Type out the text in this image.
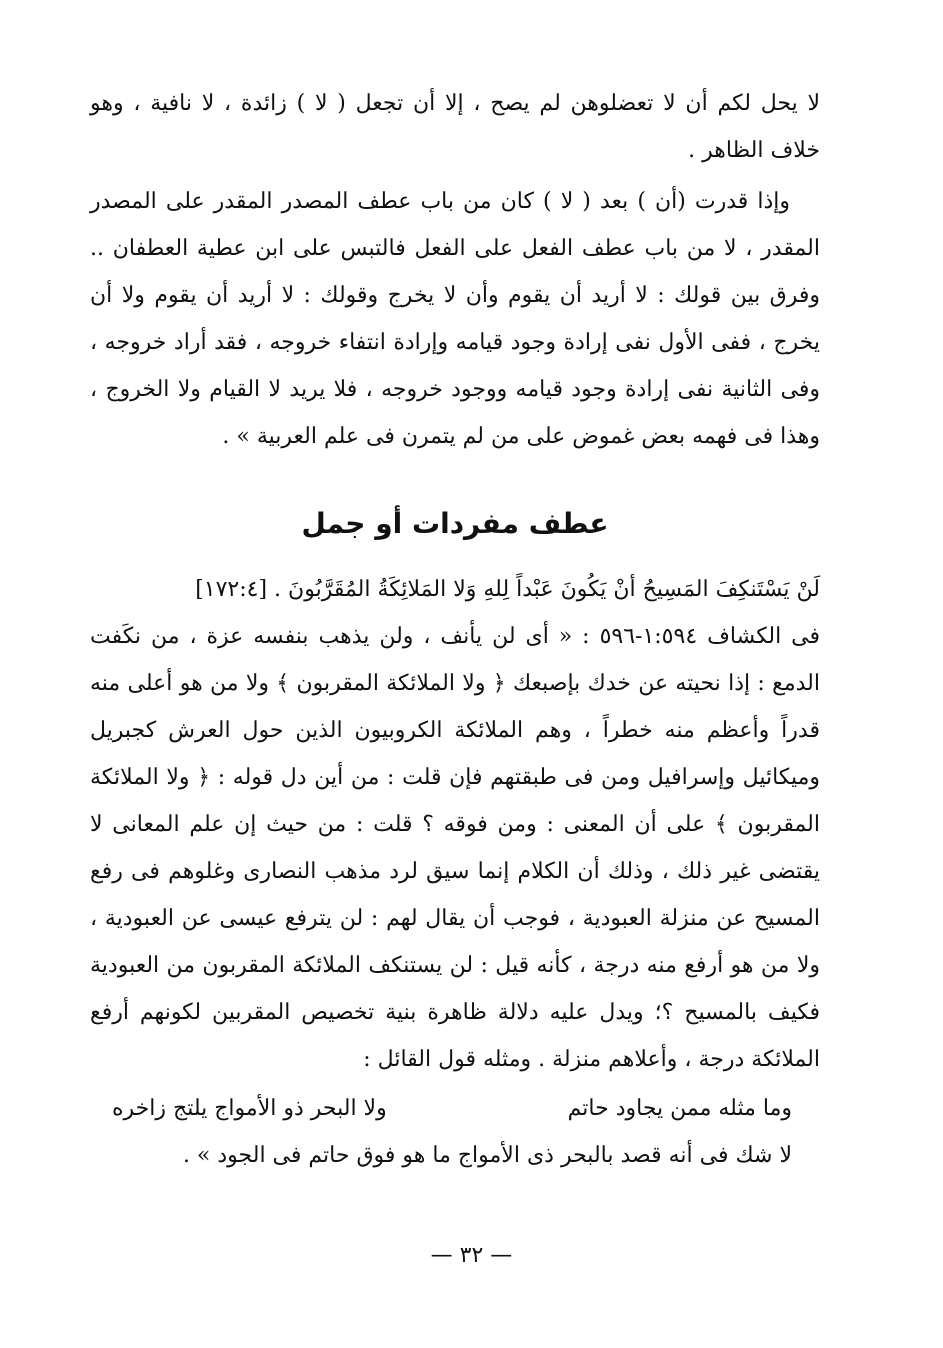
لا يحل لكم أن لا تعضلوهن لم يصح ، إلا أن تجعل ( لا ) زائدة ، لا نافية ، وهو خلاف الظاهر .

وإذا قدرت (أن ) بعد ( لا ) كان من باب عطف المصدر المقدر على المصدر المقدر ، لا من باب عطف الفعل على الفعل فالتبس على ابن عطية العطفان .. وفرق بين قولك : لا أريد أن يقوم وأن لا يخرج وقولك : لا أريد أن يقوم ولا أن يخرج ، ففى الأول نفى إرادة وجود قيامه وإرادة انتفاء خروجه ، فقد أراد خروجه ، وفى الثانية نفى إرادة وجود قيامه ووجود خروجه ، فلا يريد لا القيام ولا الخروج ، وهذا فى فهمه بعض غموض على من لم يتمرن فى علم العربية » .

عطف مفردات أو جمل
لَنْ يَسْتَنكِفَ المَسِيحُ أنْ يَكُونَ عَبْداً لِلهِ وَلا المَلائِكَةُ المُقَرَّبُونَ . [١٧٢:٤]

فى الكشاف ١:٥٩٤-٥٩٦ : « أى لن يأنف ، ولن يذهب بنفسه عزة ، من نكَفت الدمع : إذا نحيته عن خدك بإصبعك ﴿ ولا الملائكة المقربون ﴾ ولا من هو أعلى منه قدراً وأعظم منه خطراً ، وهم الملائكة الكروبيون الذين حول العرش كجبريل وميكائيل وإسرافيل ومن فى طبقتهم فإن قلت : من أين دل قوله : ﴿ ولا الملائكة المقربون ﴾ على أن المعنى : ومن فوقه ؟ قلت : من حيث إن علم المعانى لا يقتضى غير ذلك ، وذلك أن الكلام إنما سيق لرد مذهب النصارى وغلوهم فى رفع المسيح عن منزلة العبودية ، فوجب أن يقال لهم : لن يترفع عيسى عن العبودية ، ولا من هو أرفع منه درجة ، كأنه قيل : لن يستنكف الملائكة المقربون من العبودية فكيف بالمسيح ؟؛ ويدل عليه دلالة ظاهرة بنية تخصيص المقربين لكونهم أرفع الملائكة درجة ، وأعلاهم منزلة . ومثله قول القائل :

وما مثله ممن يجاود حاتم
ولا البحر ذو الأمواج يلتج زاخره

لا شك فى أنه قصد بالبحر ذى الأمواج ما هو فوق حاتم فى الجود » .

— ٣٢ —
